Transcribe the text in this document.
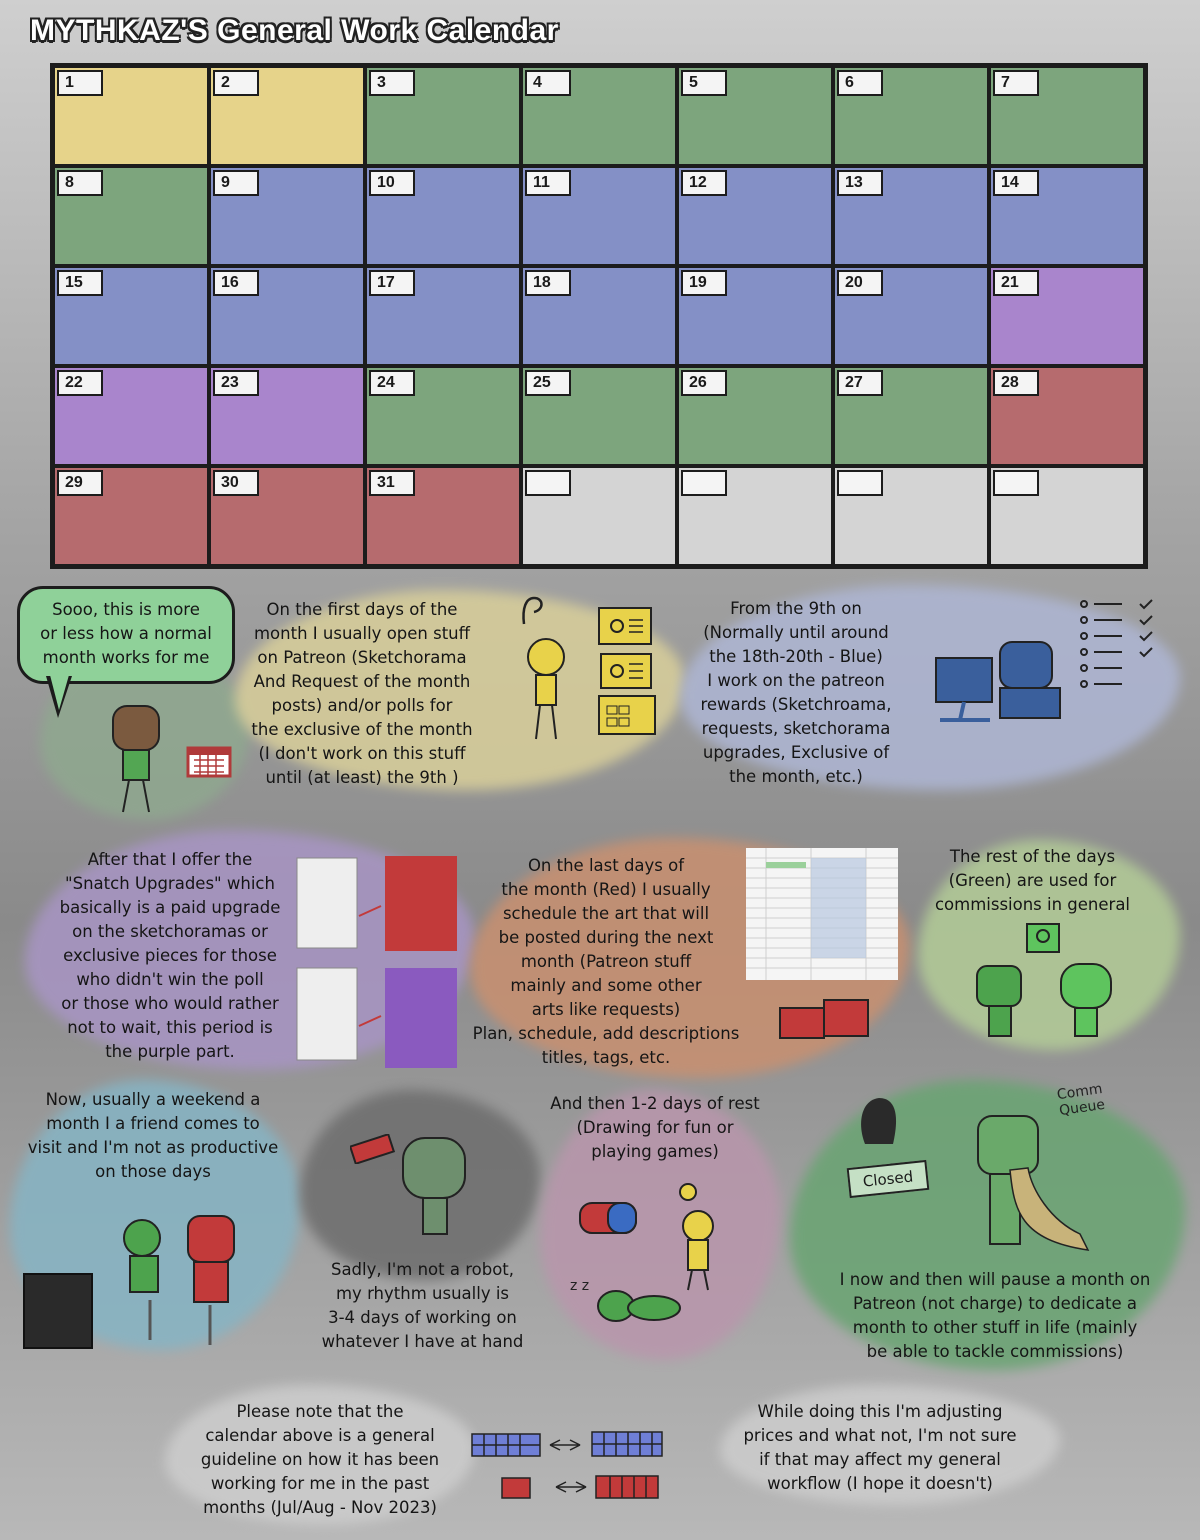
MYTHKAZ'S General Work Calendar
1	2	3	4	5	6	7
8	9	10	11	12	13	14
15	16	17	18	19	20	21
22	23	24	25	26	27	28
29	30	31
Sooo, this is more
or less how a normal
month works for me
On the first days of the
month I usually open stuff
on Patreon (Sketchorama
And Request of the month
posts) and/or polls for
the exclusive of the month
(I don't work on this stuff
until (at least) the 9th )
From the 9th on
(Normally until around
the 18th-20th - Blue)
I work on the patreon
rewards (Sketchroama,
requests, sketchorama
upgrades, Exclusive of
the month, etc.)
After that I offer the
"Snatch Upgrades" which
basically is a paid upgrade
on the sketchoramas or
exclusive pieces for those
who didn't win the poll
or those who would rather
not to wait, this period is
the purple part.
On the last days of
the month (Red) I usually
schedule the art that will
be posted during the next
month (Patreon stuff
mainly and some other
arts like requests)
Plan, schedule, add descriptions
titles, tags, etc.
The rest of the days
(Green) are used for
commissions in general
Now, usually a weekend a
month I a friend comes to
visit and I'm not as productive
on those days
Sadly, I'm not a robot,
my rhythm usually is
3-4 days of working on
whatever I have at hand
And then 1-2 days of rest
(Drawing for fun or
playing games)
I now and then will pause a month on
Patreon (not charge) to dedicate a
month to other stuff in life (mainly
be able to tackle commissions)
Please note that the
calendar above is a general
guideline on how it has been
working for me in the past
months (Jul/Aug - Nov 2023)
While doing this I'm adjusting
prices and what not, I'm not sure
if that may affect my general
workflow (I hope it doesn't)
z z
Closed
Comm
Queue
